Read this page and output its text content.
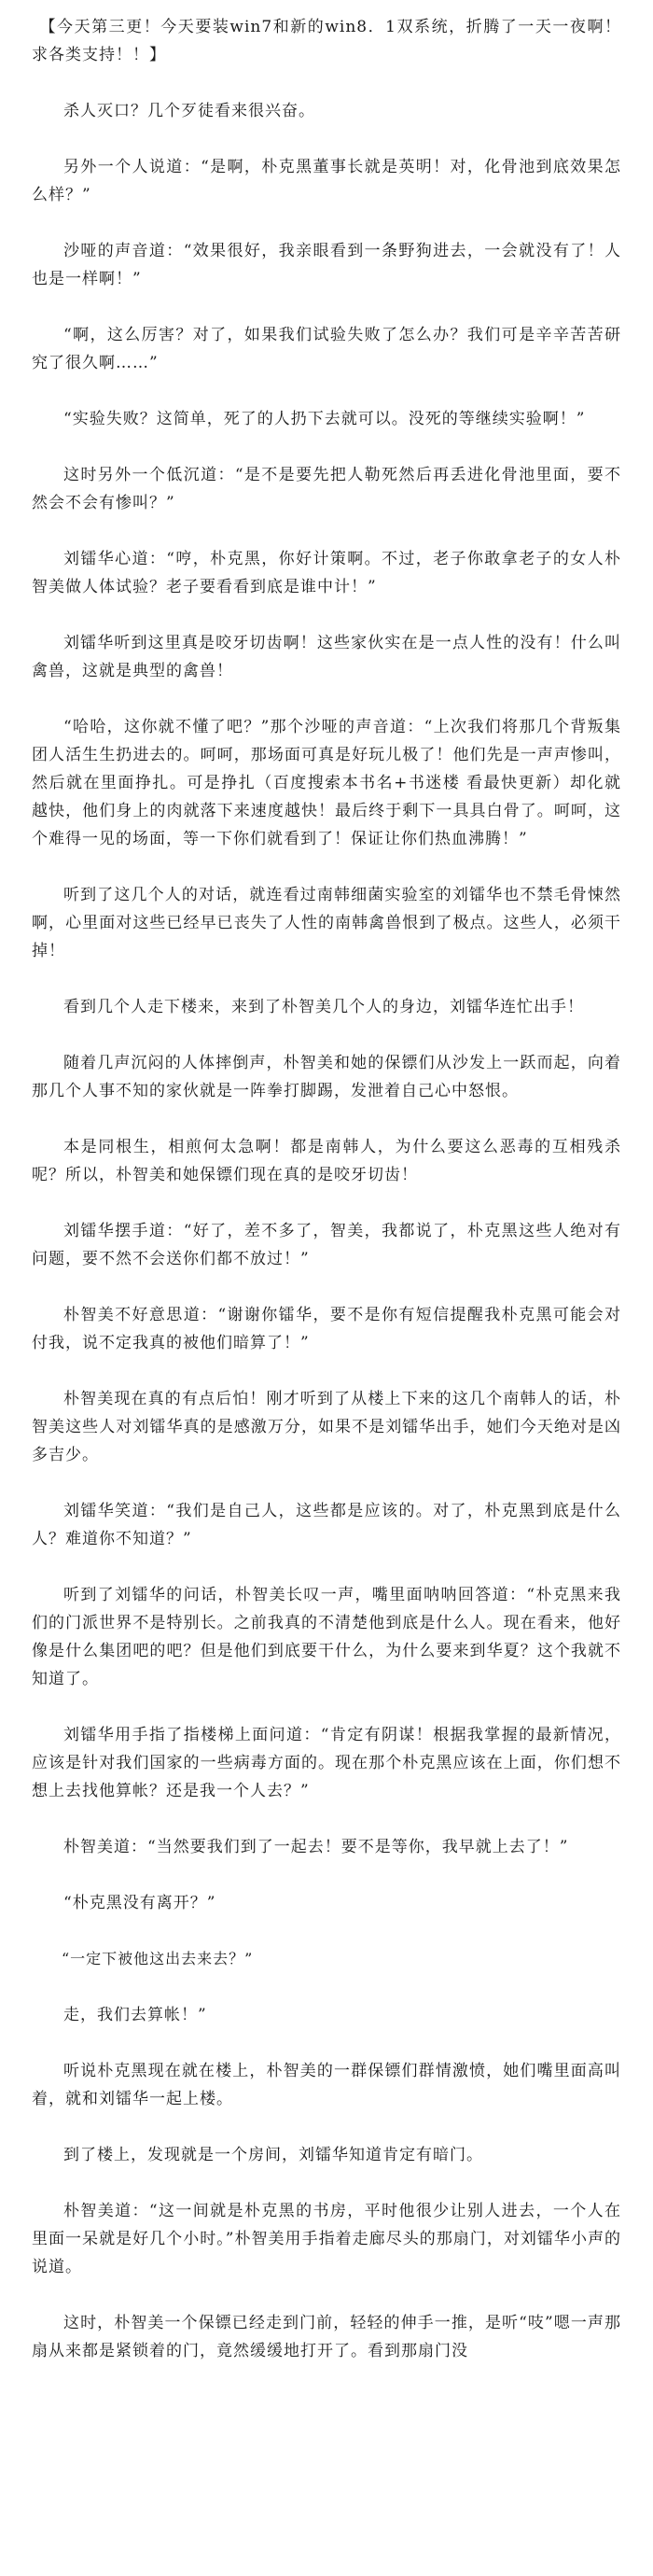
【今天第三更！今天要装win7和新的win8．1双系统，折腾了一天一夜啊！求各类支持！！】

杀人灭口？几个歹徒看来很兴奋。

另外一个人说道：“是啊，朴克黑董事长就是英明！对，化骨池到底效果怎么样？”

沙哑的声音道：“效果很好，我亲眼看到一条野狗进去，一会就没有了！人也是一样啊！”

“啊，这么厉害？对了，如果我们试验失败了怎么办？我们可是辛辛苦苦研究了很久啊……”

“实验失败？这简单，死了的人扔下去就可以。没死的等继续实验啊！”

这时另外一个低沉道：“是不是要先把人勒死然后再丢进化骨池里面，要不然会不会有惨叫？”

刘镭华心道：“哼，朴克黑，你好计策啊。不过，老子你敢拿老子的女人朴智美做人体试验？老子要看看到底是谁中计！”

刘镭华听到这里真是咬牙切齿啊！这些家伙实在是一点人性的没有！什么叫禽兽，这就是典型的禽兽！

“哈哈，这你就不懂了吧？”那个沙哑的声音道：“上次我们将那几个背叛集团人活生生扔进去的。呵呵，那场面可真是好玩儿极了！他们先是一声声惨叫，然后就在里面挣扎。可是挣扎（百度搜索本书名+书迷楼 看最快更新）却化就越快，他们身上的肉就落下来速度越快！最后终于剩下一具具白骨了。呵呵，这个难得一见的场面，等一下你们就看到了！保证让你们热血沸腾！”

听到了这几个人的对话，就连看过南韩细菌实验室的刘镭华也不禁毛骨悚然啊，心里面对这些已经早已丧失了人性的南韩禽兽恨到了极点。这些人，必须干掉！

看到几个人走下楼来，来到了朴智美几个人的身边，刘镭华连忙出手！

随着几声沉闷的人体摔倒声，朴智美和她的保镖们从沙发上一跃而起，向着那几个人事不知的家伙就是一阵拳打脚踢，发泄着自己心中怒恨。

本是同根生，相煎何太急啊！都是南韩人，为什么要这么恶毒的互相残杀呢？所以，朴智美和她保镖们现在真的是咬牙切齿！

刘镭华摆手道：“好了，差不多了，智美，我都说了，朴克黑这些人绝对有问题，要不然不会送你们都不放过！”

朴智美不好意思道：“谢谢你镭华，要不是你有短信提醒我朴克黑可能会对付我，说不定我真的被他们暗算了！”

朴智美现在真的有点后怕！刚才听到了从楼上下来的这几个南韩人的话，朴智美这些人对刘镭华真的是感激万分，如果不是刘镭华出手，她们今天绝对是凶多吉少。

刘镭华笑道：“我们是自己人，这些都是应该的。对了，朴克黑到底是什么人？难道你不知道？”

听到了刘镭华的问话，朴智美长叹一声，嘴里面呐呐回答道：“朴克黑来我们的门派世界不是特别长。之前我真的不清楚他到底是什么人。现在看来，他好像是什么集团吧的吧？但是他们到底要干什么，为什么要来到华夏？这个我就不知道了。

刘镭华用手指了指楼梯上面问道：“肯定有阴谋！根据我掌握的最新情况，应该是针对我们国家的一些病毒方面的。现在那个朴克黑应该在上面，你们想不想上去找他算帐？还是我一个人去？”

朴智美道：“当然要我们到了一起去！要不是等你，我早就上去了！”

“朴克黑没有离开？”

“一定下被他这出去来去？”

走，我们去算帐！”

听说朴克黑现在就在楼上，朴智美的一群保镖们群情激愤，她们嘴里面高叫着，就和刘镭华一起上楼。

到了楼上，发现就是一个房间，刘镭华知道肯定有暗门。

朴智美道：“这一间就是朴克黑的书房，平时他很少让别人进去，一个人在里面一呆就是好几个小时。”朴智美用手指着走廊尽头的那扇门，对刘镭华小声的说道。

这时，朴智美一个保镖已经走到门前，轻轻的伸手一推，是听“吱”嗯一声那扇从来都是紧锁着的门，竟然缓缓地打开了。看到那扇门没
